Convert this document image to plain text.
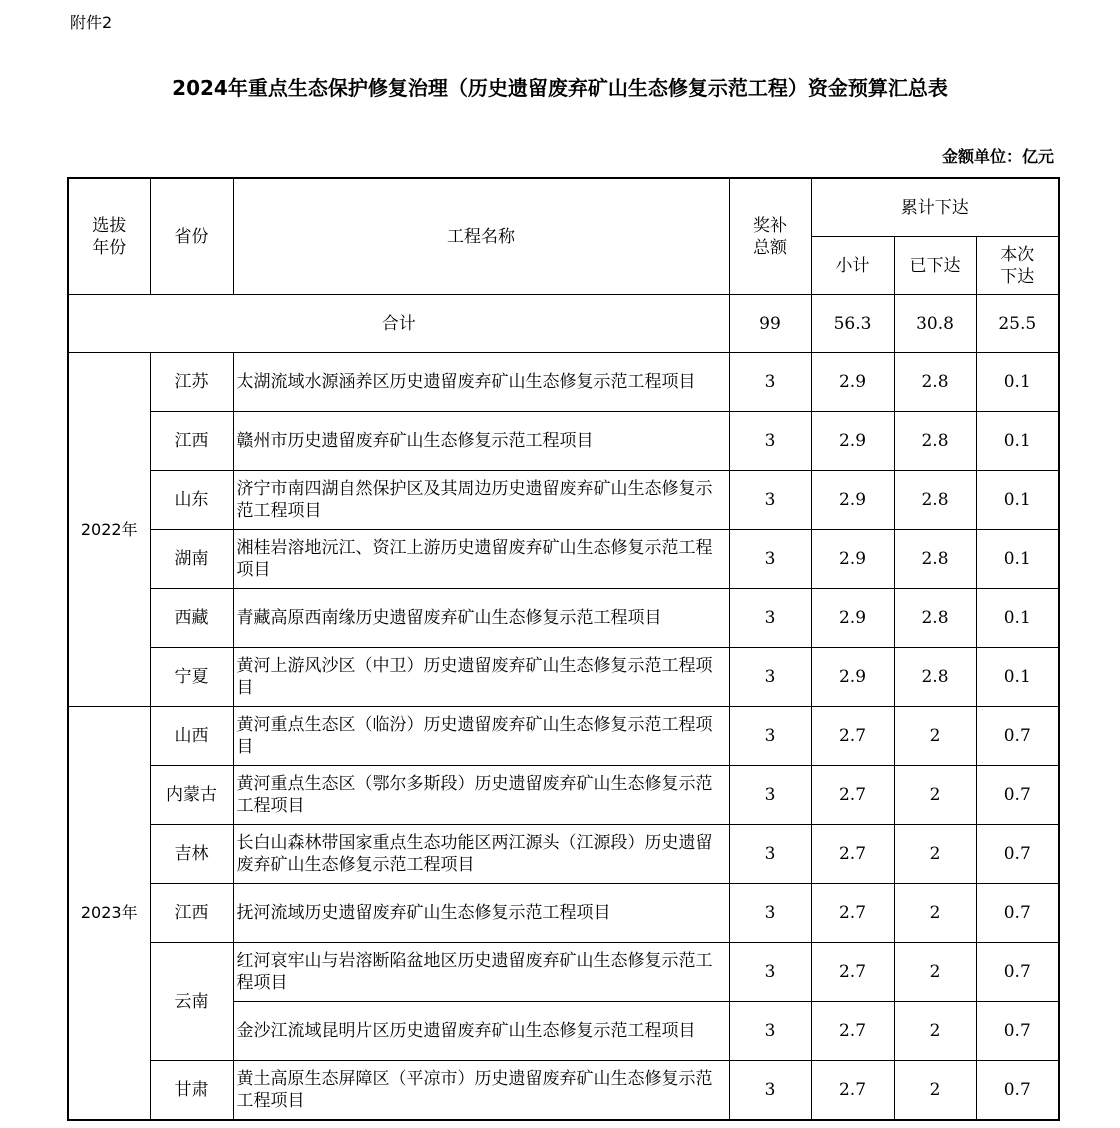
附件2
2024年重点生态保护修复治理（历史遗留废弃矿山生态修复示范工程）资金预算汇总表
金额单位：亿元
选拔
年份	省份	工程名称	奖补
总额	累计下达		
				小计	已下达	本次
下达
合计			99	56.3	30.8	25.5
2022年	江苏	太湖流域水源涵养区历史遗留废弃矿山生态修复示范工程项目	3	2.9	2.8	0.1
	江西	赣州市历史遗留废弃矿山生态修复示范工程项目	3	2.9	2.8	0.1
	山东	济宁市南四湖自然保护区及其周边历史遗留废弃矿山生态修复示范工程项目	3	2.9	2.8	0.1
	湖南	湘桂岩溶地沅江、资江上游历史遗留废弃矿山生态修复示范工程项目	3	2.9	2.8	0.1
	西藏	青藏高原西南缘历史遗留废弃矿山生态修复示范工程项目	3	2.9	2.8	0.1
	宁夏	黄河上游风沙区（中卫）历史遗留废弃矿山生态修复示范工程项目	3	2.9	2.8	0.1
2023年	山西	黄河重点生态区（临汾）历史遗留废弃矿山生态修复示范工程项目	3	2.7	2	0.7
	内蒙古	黄河重点生态区（鄂尔多斯段）历史遗留废弃矿山生态修复示范工程项目	3	2.7	2	0.7
	吉林	长白山森林带国家重点生态功能区两江源头（江源段）历史遗留废弃矿山生态修复示范工程项目	3	2.7	2	0.7
	江西	抚河流域历史遗留废弃矿山生态修复示范工程项目	3	2.7	2	0.7
	云南	红河哀牢山与岩溶断陷盆地区历史遗留废弃矿山生态修复示范工程项目	3	2.7	2	0.7
		金沙江流域昆明片区历史遗留废弃矿山生态修复示范工程项目	3	2.7	2	0.7
	甘肃	黄土高原生态屏障区（平凉市）历史遗留废弃矿山生态修复示范工程项目	3	2.7	2	0.7
